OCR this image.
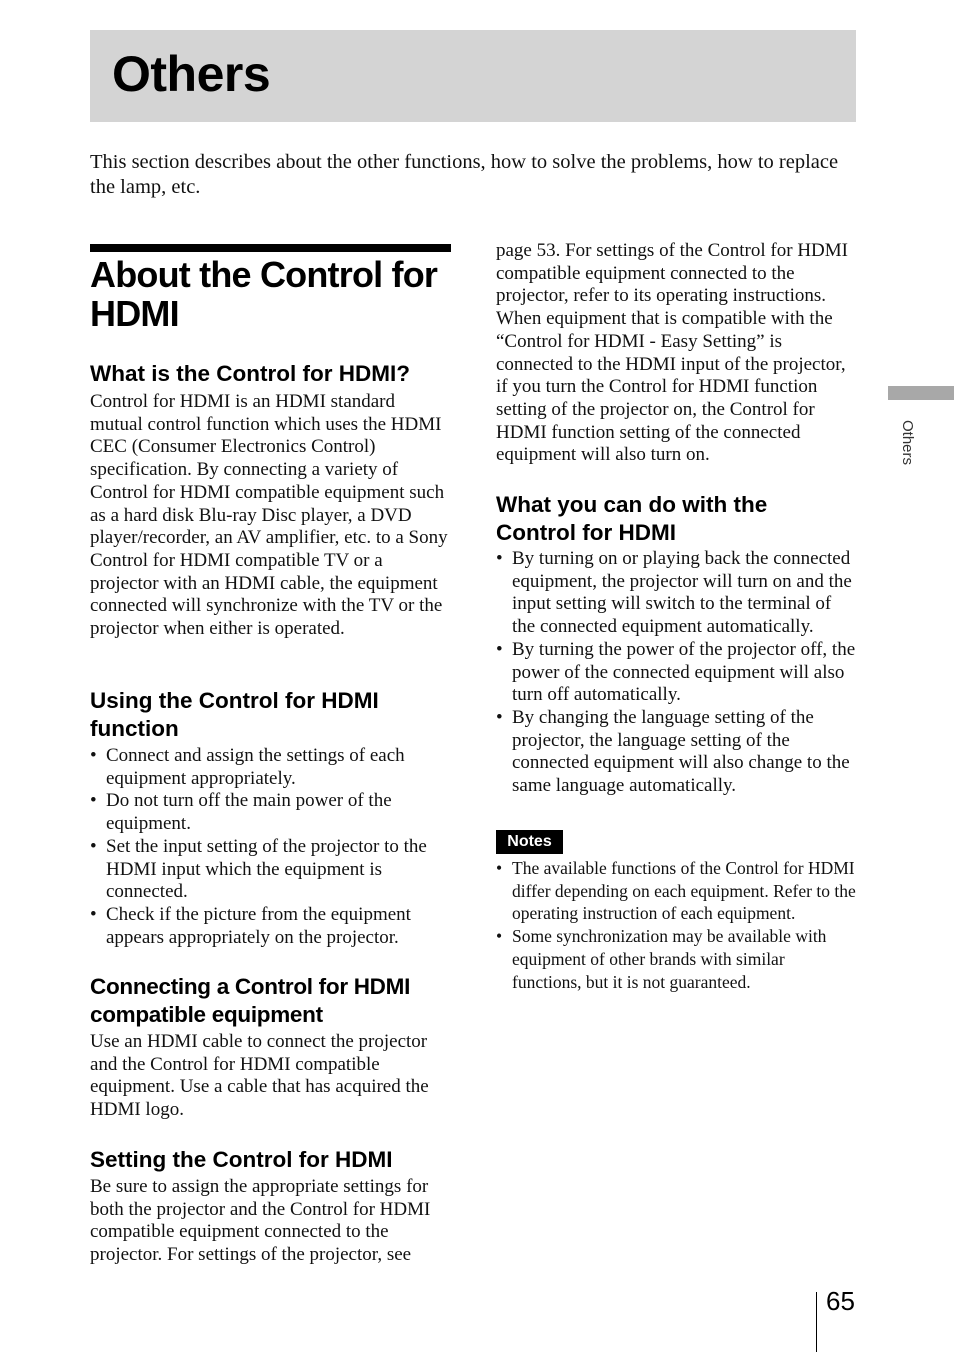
Others

This section describes about the other functions, how to solve the problems, how to replace the lamp, etc.

About the Control for HDMI
What is the Control for HDMI?

Control for HDMI is an HDMI standard mutual control function which uses the HDMI CEC (Consumer Electronics Control) specification. By connecting a variety of Control for HDMI compatible equipment such as a hard disk Blu-ray Disc player, a DVD player/recorder, an AV amplifier, etc. to a Sony Control for HDMI compatible TV or a projector with an HDMI cable, the equipment connected will synchronize with the TV or the projector when either is operated.

Using the Control for HDMI function
• Connect and assign the settings of each equipment appropriately.
• Do not turn off the main power of the equipment.
• Set the input setting of the projector to the HDMI input which the equipment is connected.
• Check if the picture from the equipment appears appropriately on the projector.
Connecting a Control for HDMI compatible equipment

Use an HDMI cable to connect the projector and the Control for HDMI compatible equipment. Use a cable that has acquired the HDMI logo.

Setting the Control for HDMI

Be sure to assign the appropriate settings for both the projector and the Control for HDMI compatible equipment connected to the projector. For settings of the projector, see

page 53. For settings of the Control for HDMI compatible equipment connected to the projector, refer to its operating instructions. When equipment that is compatible with the “Control for HDMI - Easy Setting” is connected to the HDMI input of the projector, if you turn the Control for HDMI function setting of the projector on, the Control for HDMI function setting of the connected equipment will also turn on.

What you can do with the Control for HDMI
• By turning on or playing back the connected equipment, the projector will turn on and the input setting will switch to the terminal of the connected equipment automatically.
• By turning the power of the projector off, the power of the connected equipment will also turn off automatically.
• By changing the language setting of the projector, the language setting of the connected equipment will also change to the same language automatically.
Notes
• The available functions of the Control for HDMI differ depending on each equipment. Refer to the operating instruction of each equipment.
• Some synchronization may be available with equipment of other brands with similar functions, but it is not guaranteed.
Others
65
